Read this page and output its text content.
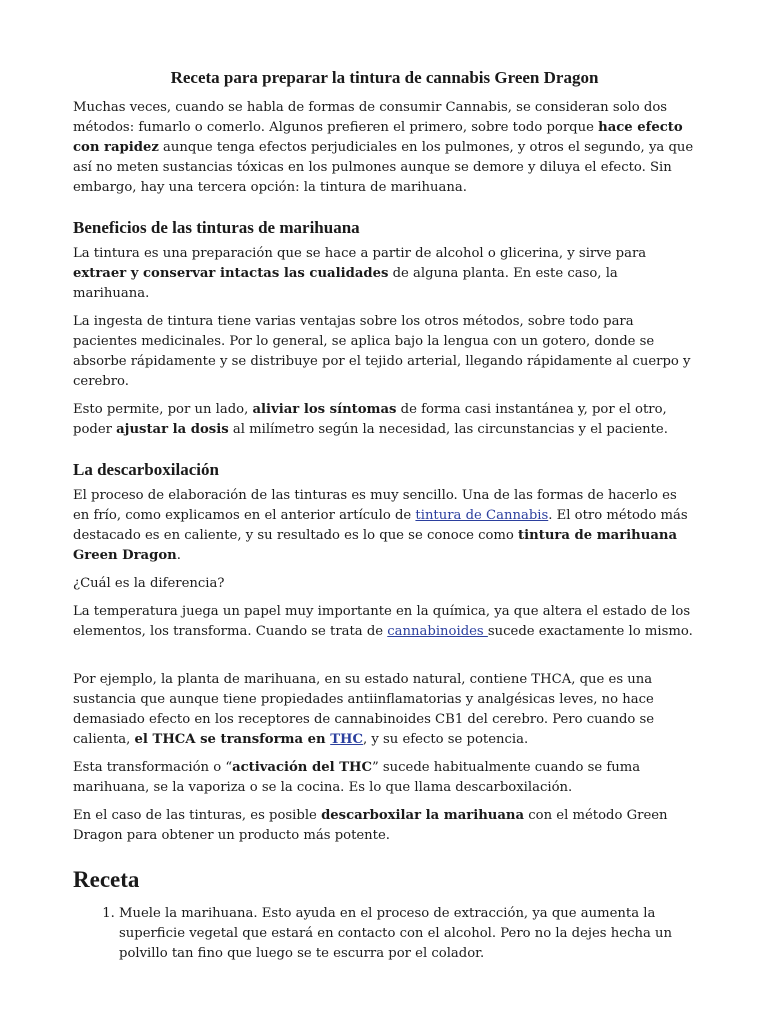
Receta para preparar la tintura de cannabis Green Dragon

Muchas veces, cuando se habla de formas de consumir Cannabis, se consideran solo dos métodos: fumarlo o comerlo. Algunos prefieren el primero, sobre todo porque hace efecto con rapidez aunque tenga efectos perjudiciales en los pulmones, y otros el segundo, ya que así no meten sustancias tóxicas en los pulmones aunque se demore y diluya el efecto. Sin embargo, hay una tercera opción: la tintura de marihuana.

Beneficios de las tinturas de marihuana

La tintura es una preparación que se hace a partir de alcohol o glicerina, y sirve para extraer y conservar intactas las cualidades de alguna planta. En este caso, la marihuana.

La ingesta de tintura tiene varias ventajas sobre los otros métodos, sobre todo para pacientes medicinales. Por lo general, se aplica bajo la lengua con un gotero, donde se absorbe rápidamente y se distribuye por el tejido arterial, llegando rápidamente al cuerpo y cerebro.

Esto permite, por un lado, aliviar los síntomas de forma casi instantánea y, por el otro, poder ajustar la dosis al milímetro según la necesidad, las circunstancias y el paciente.

La descarboxilación

El proceso de elaboración de las tinturas es muy sencillo. Una de las formas de hacerlo es en frío, como explicamos en el anterior artículo de tintura de Cannabis. El otro método más destacado es en caliente, y su resultado es lo que se conoce como tintura de marihuana Green Dragon.

¿Cuál es la diferencia?

La temperatura juega un papel muy importante en la química, ya que altera el estado de los elementos, los transforma. Cuando se trata de cannabinoides sucede exactamente lo mismo.

Por ejemplo, la planta de marihuana, en su estado natural, contiene THCA, que es una sustancia que aunque tiene propiedades antiinflamatorias y analgésicas leves, no hace demasiado efecto en los receptores de cannabinoides CB1 del cerebro. Pero cuando se calienta, el THCA se transforma en THC, y su efecto se potencia.

Esta transformación o “activación del THC” sucede habitualmente cuando se fuma marihuana, se la vaporiza o se la cocina. Es lo que llama descarboxilación.

En el caso de las tinturas, es posible descarboxilar la marihuana con el método Green Dragon para obtener un producto más potente.

Receta
1. Muele la marihuana. Esto ayuda en el proceso de extracción, ya que aumenta la superficie vegetal que estará en contacto con el alcohol. Pero no la dejes hecha un polvillo tan fino que luego se te escurra por el colador.
